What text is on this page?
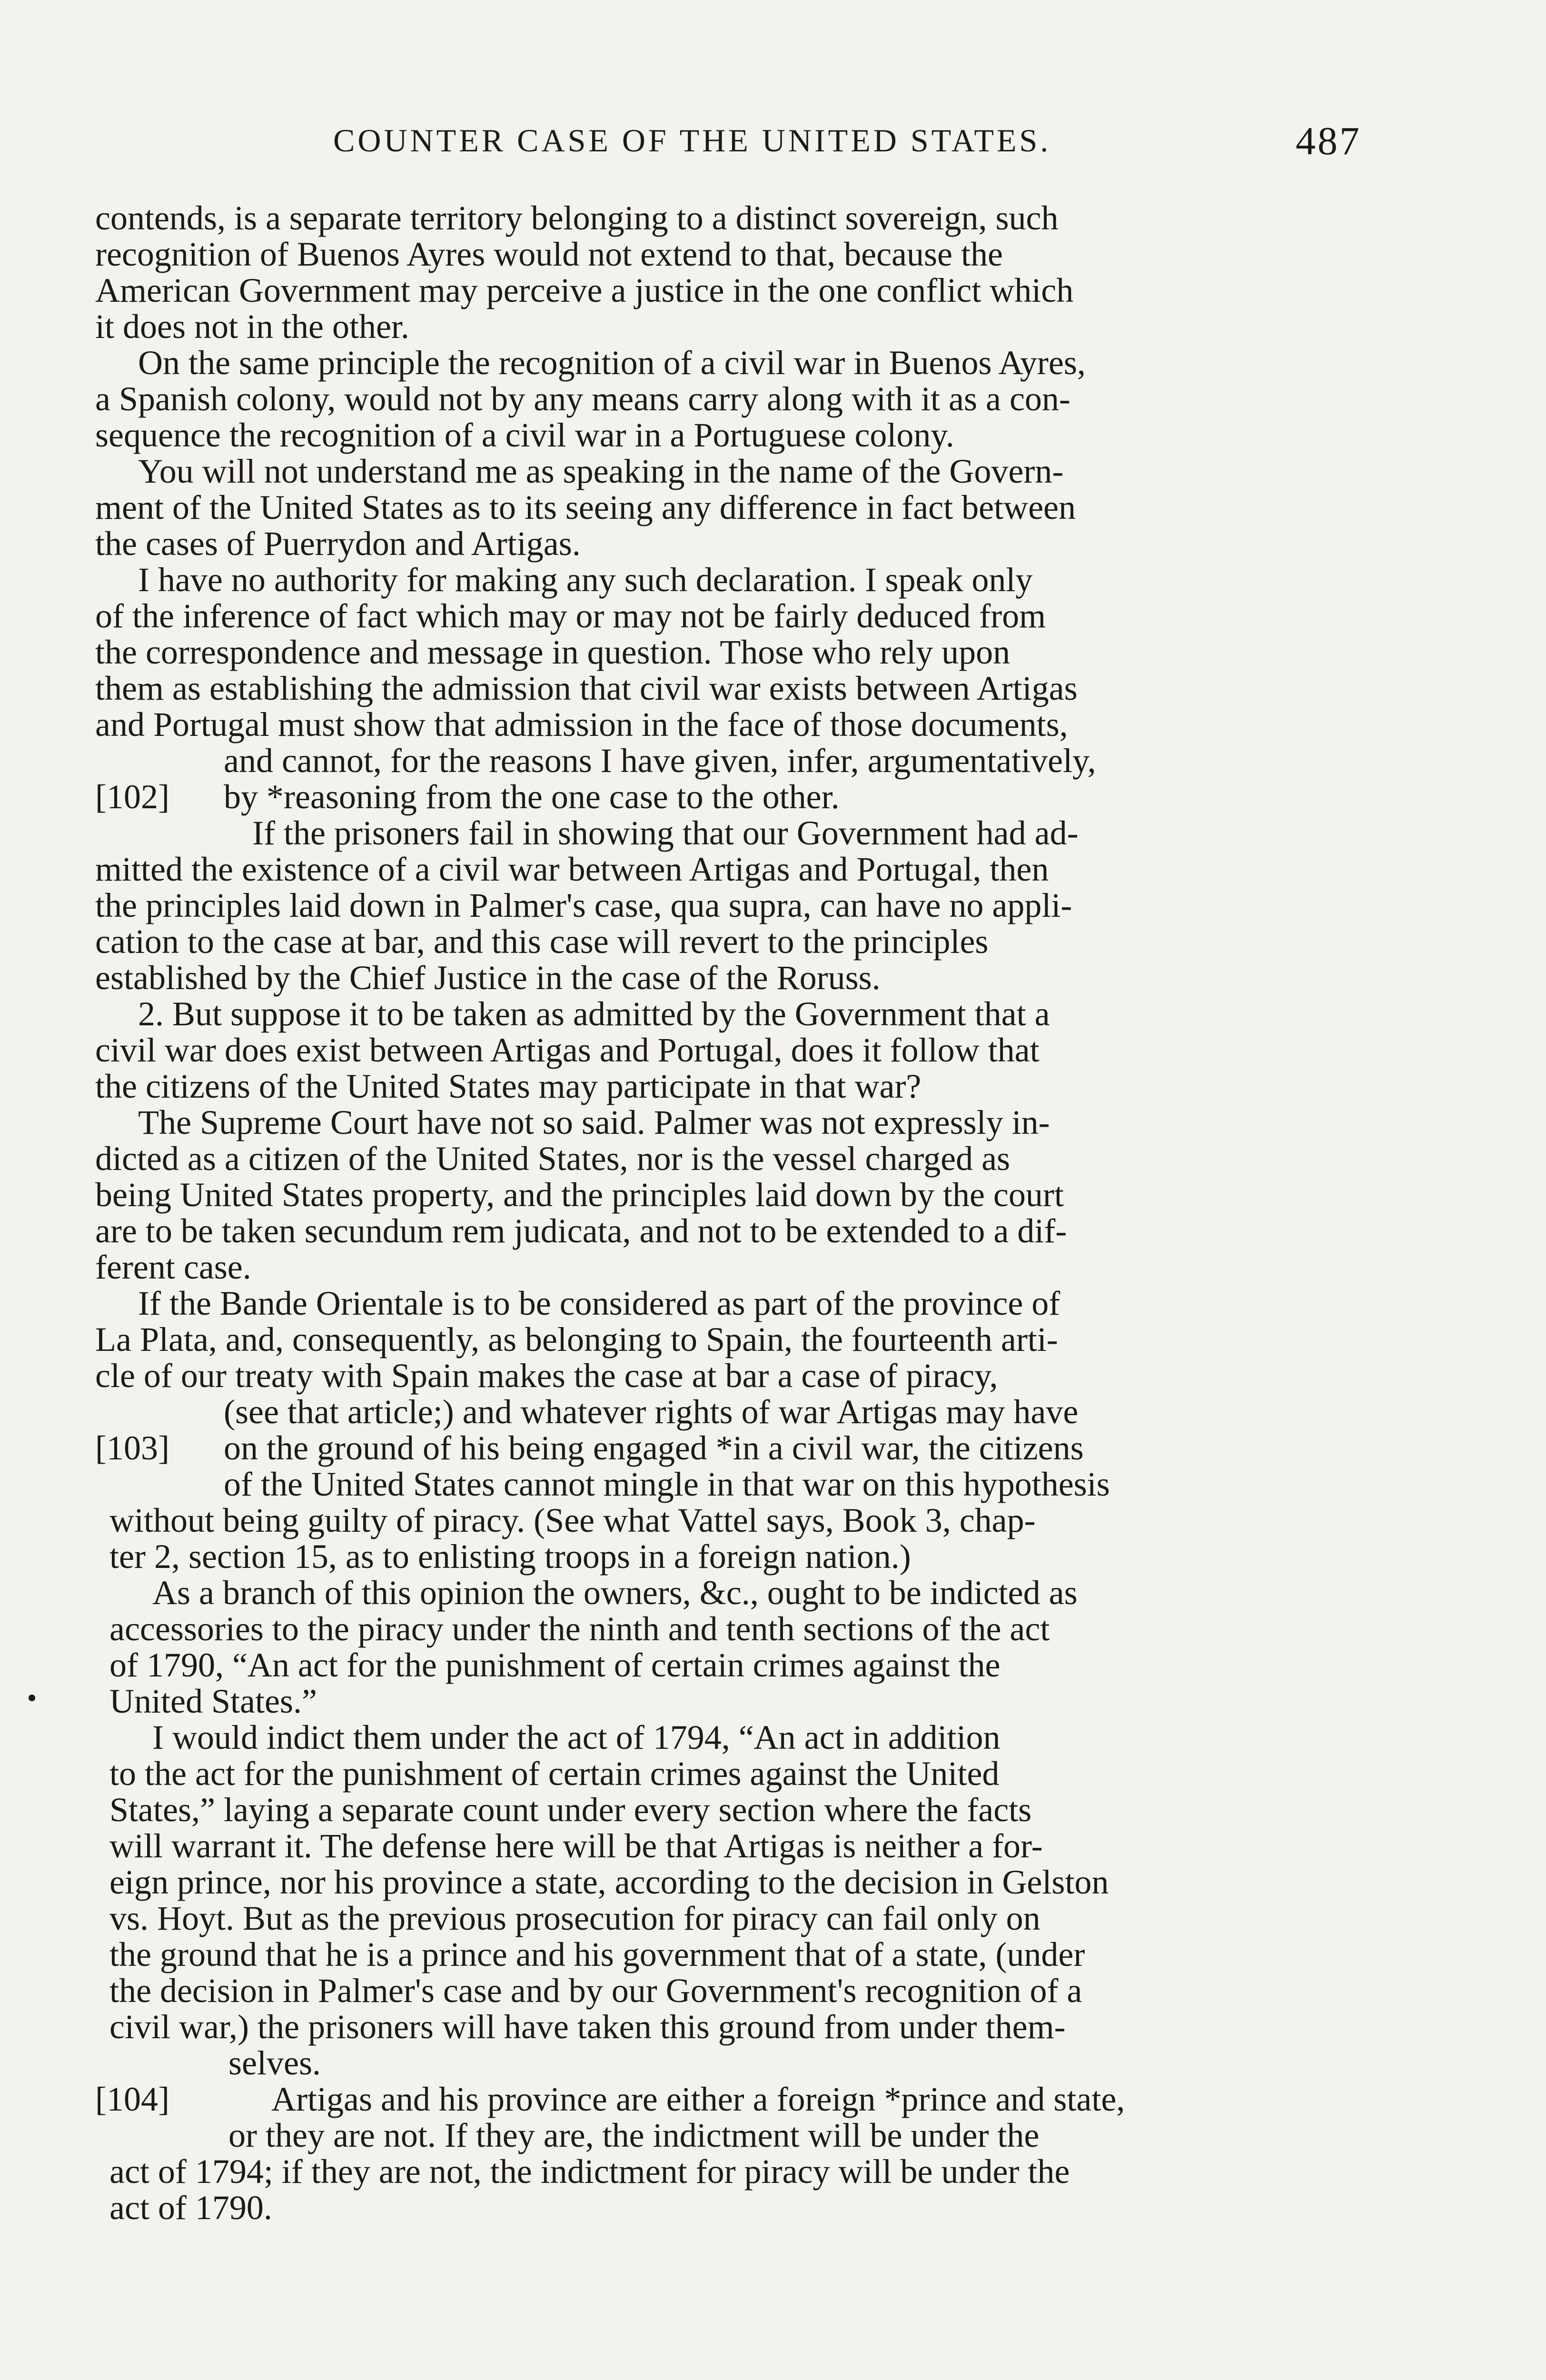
COUNTER CASE OF THE UNITED STATES.	487
contends, is a separate territory belonging to a distinct sovereign, such
recognition of Buenos Ayres would not extend to that, because the
American Government may perceive a justice in the one conflict which
it does not in the other.
On the same principle the recognition of a civil war in Buenos Ayres,
a Spanish colony, would not by any means carry along with it as a con-
sequence the recognition of a civil war in a Portuguese colony.
You will not understand me as speaking in the name of the Govern-
ment of the United States as to its seeing any difference in fact between
the cases of Puerrydon and Artigas.
I have no authority for making any such declaration. I speak only
of the inference of fact which may or may not be fairly deduced from
the correspondence and message in question. Those who rely upon
them as establishing the admission that civil war exists between Artigas
and Portugal must show that admission in the face of those documents,
and cannot, for the reasons I have given, infer, argumentatively,
[102] by *reasoning from the one case to the other.
If the prisoners fail in showing that our Government had ad-
mitted the existence of a civil war between Artigas and Portugal, then
the principles laid down in Palmer's case, qua supra, can have no appli-
cation to the case at bar, and this case will revert to the principles
established by the Chief Justice in the case of the Roruss.
2. But suppose it to be taken as admitted by the Government that a
civil war does exist between Artigas and Portugal, does it follow that
the citizens of the United States may participate in that war?
The Supreme Court have not so said. Palmer was not expressly in-
dicted as a citizen of the United States, nor is the vessel charged as
being United States property, and the principles laid down by the court
are to be taken secundum rem judicata, and not to be extended to a dif-
ferent case.
If the Bande Orientale is to be considered as part of the province of
La Plata, and, consequently, as belonging to Spain, the fourteenth arti-
cle of our treaty with Spain makes the case at bar a case of piracy,
(see that article;) and whatever rights of war Artigas may have
[103] on the ground of his being engaged *in a civil war, the citizens
of the United States cannot mingle in that war on this hypothesis
without being guilty of piracy. (See what Vattel says, Book 3, chap-
ter 2, section 15, as to enlisting troops in a foreign nation.)
As a branch of this opinion the owners, &c., ought to be indicted as
accessories to the piracy under the ninth and tenth sections of the act
of 1790, “An act for the punishment of certain crimes against the
United States.”
I would indict them under the act of 1794, “An act in addition
to the act for the punishment of certain crimes against the United
States,” laying a separate count under every section where the facts
will warrant it. The defense here will be that Artigas is neither a for-
eign prince, nor his province a state, according to the decision in Gelston
vs. Hoyt. But as the previous prosecution for piracy can fail only on
the ground that he is a prince and his government that of a state, (under
the decision in Palmer's case and by our Government's recognition of a
civil war,) the prisoners will have taken this ground from under them-
selves.
[104]	Artigas and his province are either a foreign *prince and state,
or they are not. If they are, the indictment will be under the
act of 1794; if they are not, the indictment for piracy will be under the
act of 1790.
